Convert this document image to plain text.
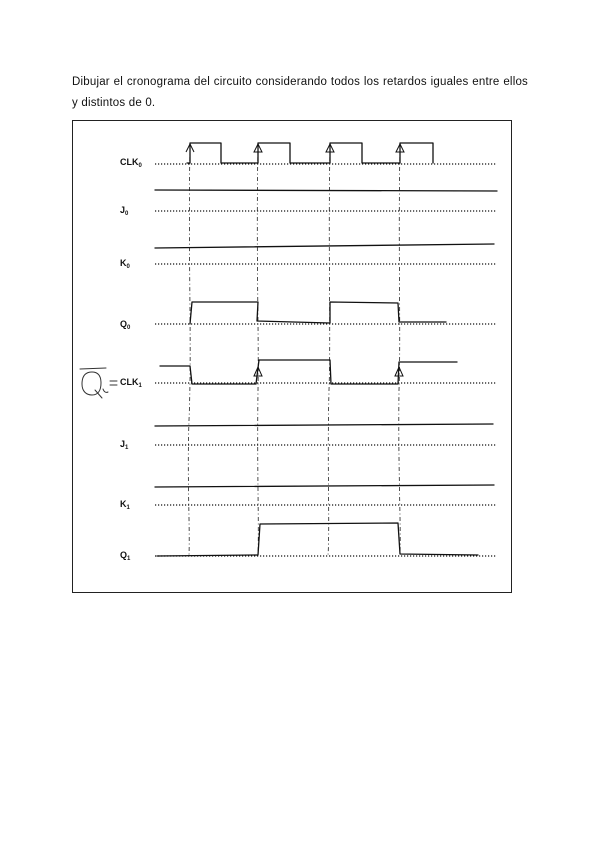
Dibujar el cronograma del circuito considerando todos los retardos iguales entre ellos y distintos de 0.
$CLK_0$
$J_0$
$K_0$
$Q_0$
$CLK_1$
$J_1$
$K_1$
$Q_1$
